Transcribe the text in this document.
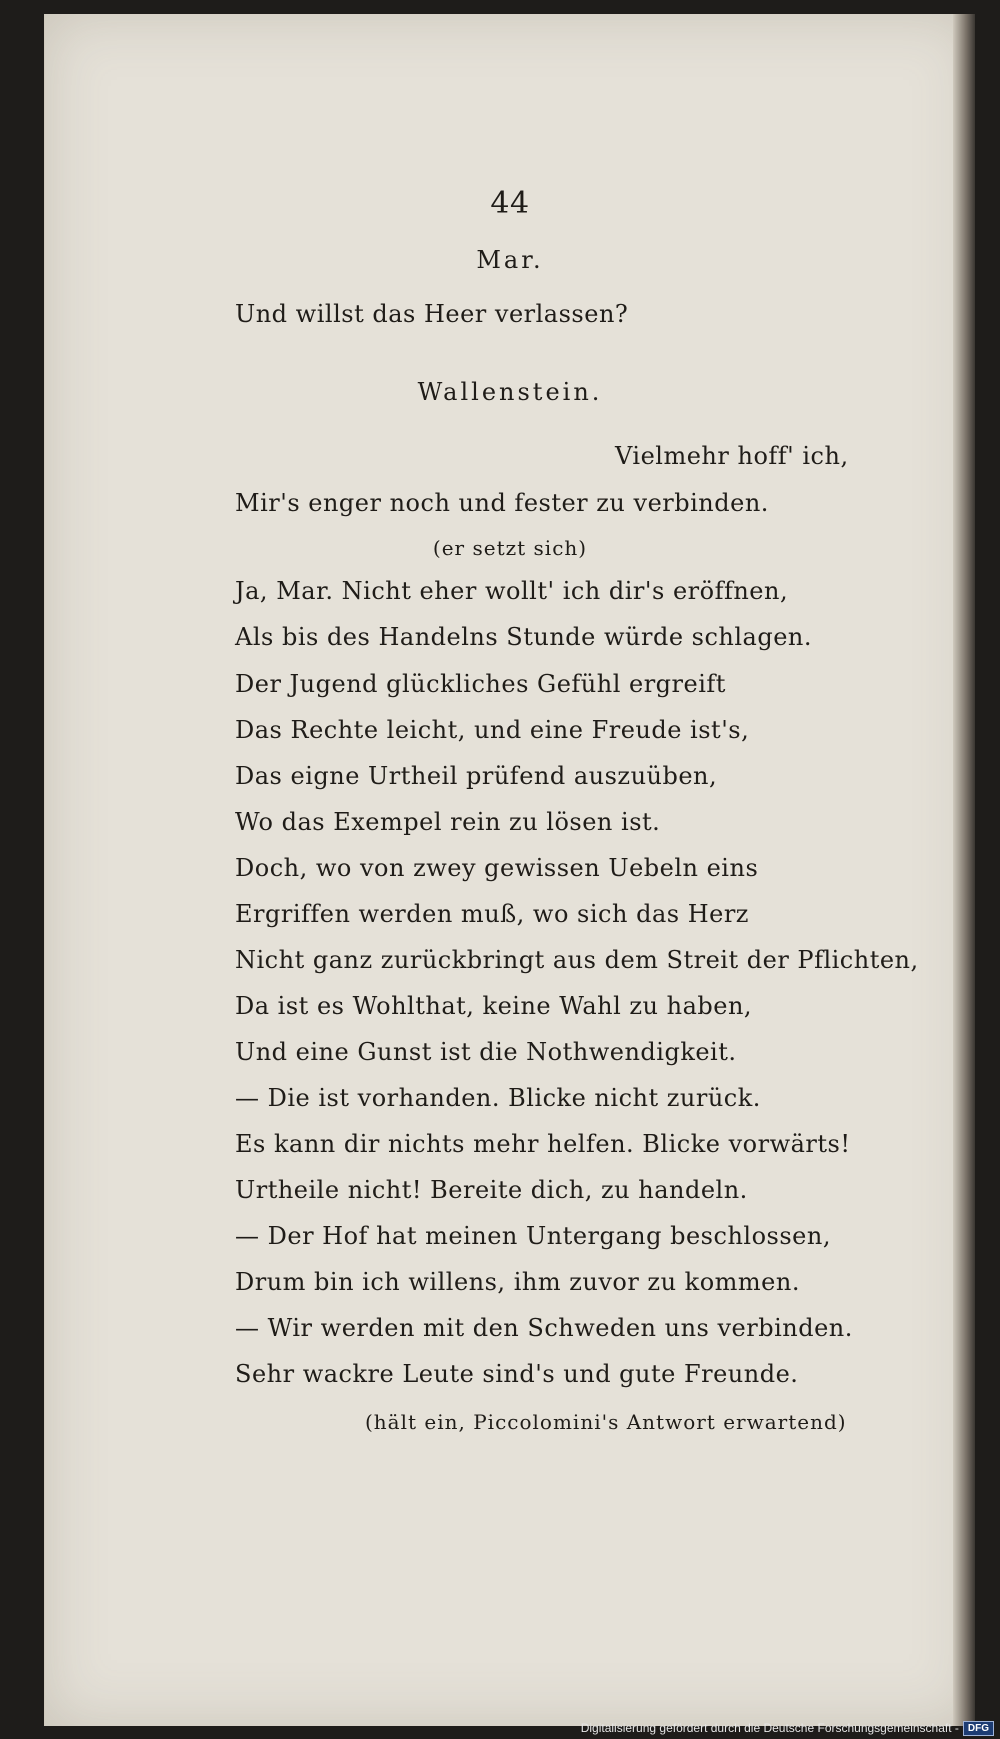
44
Mar.
Und willst das Heer verlassen?
Wallenstein.
Vielmehr hoff' ich,
Mir's enger noch und fester zu verbinden.
(er setzt sich)
Ja, Mar. Nicht eher wollt' ich dir's eröffnen,
Als bis des Handelns Stunde würde schlagen.
Der Jugend glückliches Gefühl ergreift
Das Rechte leicht, und eine Freude ist's,
Das eigne Urtheil prüfend auszuüben,
Wo das Exempel rein zu lösen ist.
Doch, wo von zwey gewissen Uebeln eins
Ergriffen werden muß, wo sich das Herz
Nicht ganz zurückbringt aus dem Streit der Pflichten,
Da ist es Wohlthat, keine Wahl zu haben,
Und eine Gunst ist die Nothwendigkeit.
— Die ist vorhanden. Blicke nicht zurück.
Es kann dir nichts mehr helfen. Blicke vorwärts!
Urtheile nicht! Bereite dich, zu handeln.
— Der Hof hat meinen Untergang beschlossen,
Drum bin ich willens, ihm zuvor zu kommen.
— Wir werden mit den Schweden uns verbinden.
Sehr wackre Leute sind's und gute Freunde.
(hält ein, Piccolomini's Antwort erwartend)
Digitalisierung gefördert durch die Deutsche Forschungsgemeinschaft - DFG
